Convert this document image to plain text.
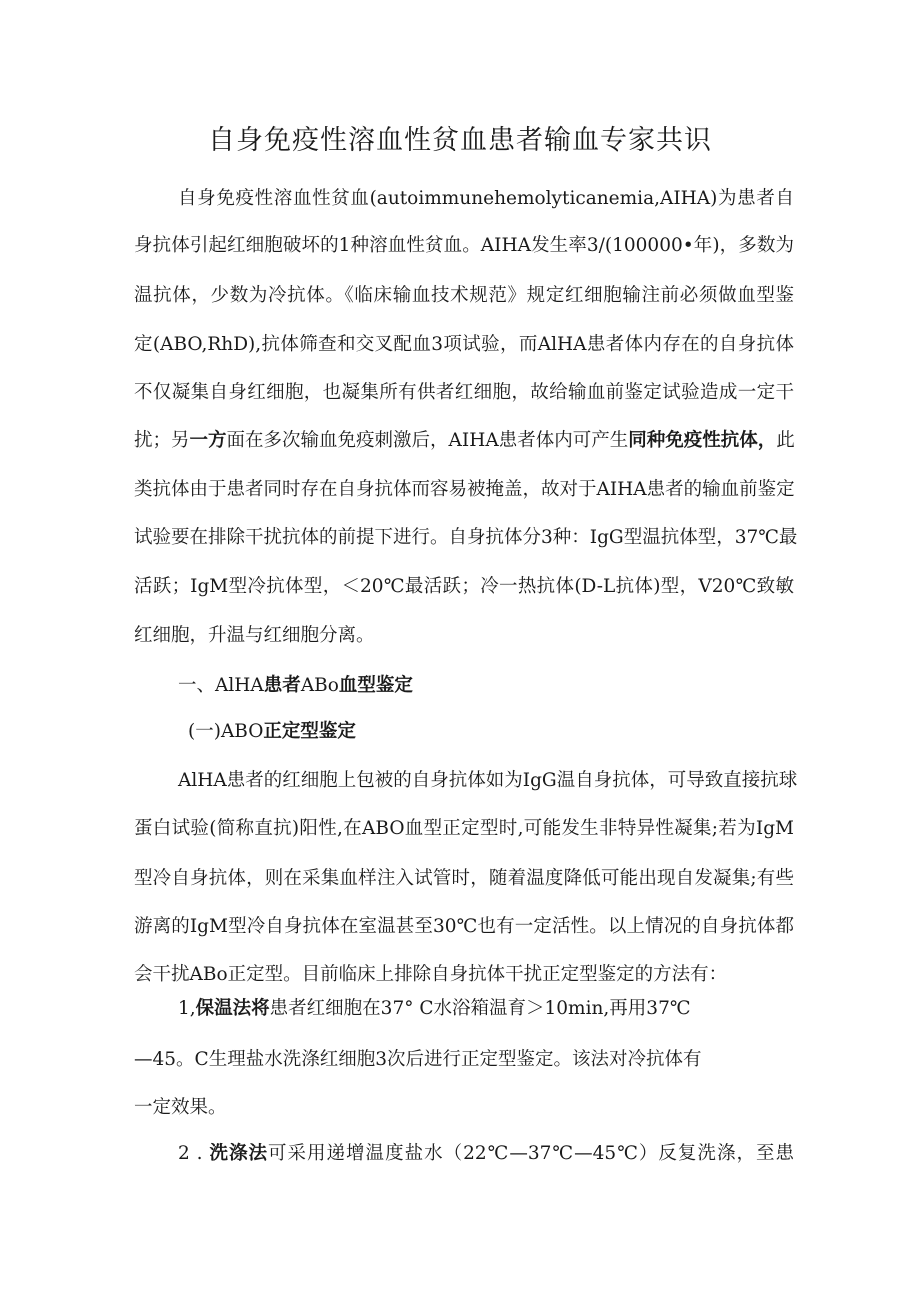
自身免疫性溶血性贫血患者输血专家共识
自身免疫性溶血性贫血(autoimmunehemolyticanemia,AIHA)为患者自
身抗体引起红细胞破坏的1种溶血性贫血。AIHA发生率3/(100000•年)，多数为
温抗体，少数为冷抗体。《临床输血技术规范》规定红细胞输注前必须做血型鉴
定(ABO,RhD),抗体筛查和交叉配血3项试验，而AlHA患者体内存在的自身抗体
不仅凝集自身红细胞，也凝集所有供者红细胞，故给输血前鉴定试验造成一定干
扰；另一方面在多次输血免疫刺激后，AIHA患者体内可产生同种免疫性抗体，此
类抗体由于患者同时存在自身抗体而容易被掩盖，故对于AIHA患者的输血前鉴定
试验要在排除干扰抗体的前提下进行。自身抗体分3种：IgG型温抗体型，37℃最
活跃；IgM型冷抗体型，＜20℃最活跃；冷一热抗体(D-L抗体)型，V20℃致敏
红细胞，升温与红细胞分离。
一、AlHA患者ABo血型鉴定
(一)ABO正定型鉴定
AlHA患者的红细胞上包被的自身抗体如为IgG温自身抗体，可导致直接抗球
蛋白试验(简称直抗)阳性,在ABO血型正定型时,可能发生非特异性凝集;若为IgM
型冷自身抗体，则在采集血样注入试管时，随着温度降低可能出现自发凝集;有些
游离的IgM型冷自身抗体在室温甚至30℃也有一定活性。以上情况的自身抗体都
会干扰ABo正定型。目前临床上排除自身抗体干扰正定型鉴定的方法有：
1,保温法将患者红细胞在37° C水浴箱温育＞10min,再用37℃
—45。C生理盐水洗涤红细胞3次后进行正定型鉴定。该法对冷抗体有
一定效果。
2 . 洗涤法可采用递增温度盐水（22℃—37℃—45℃）反复洗涤，至患
